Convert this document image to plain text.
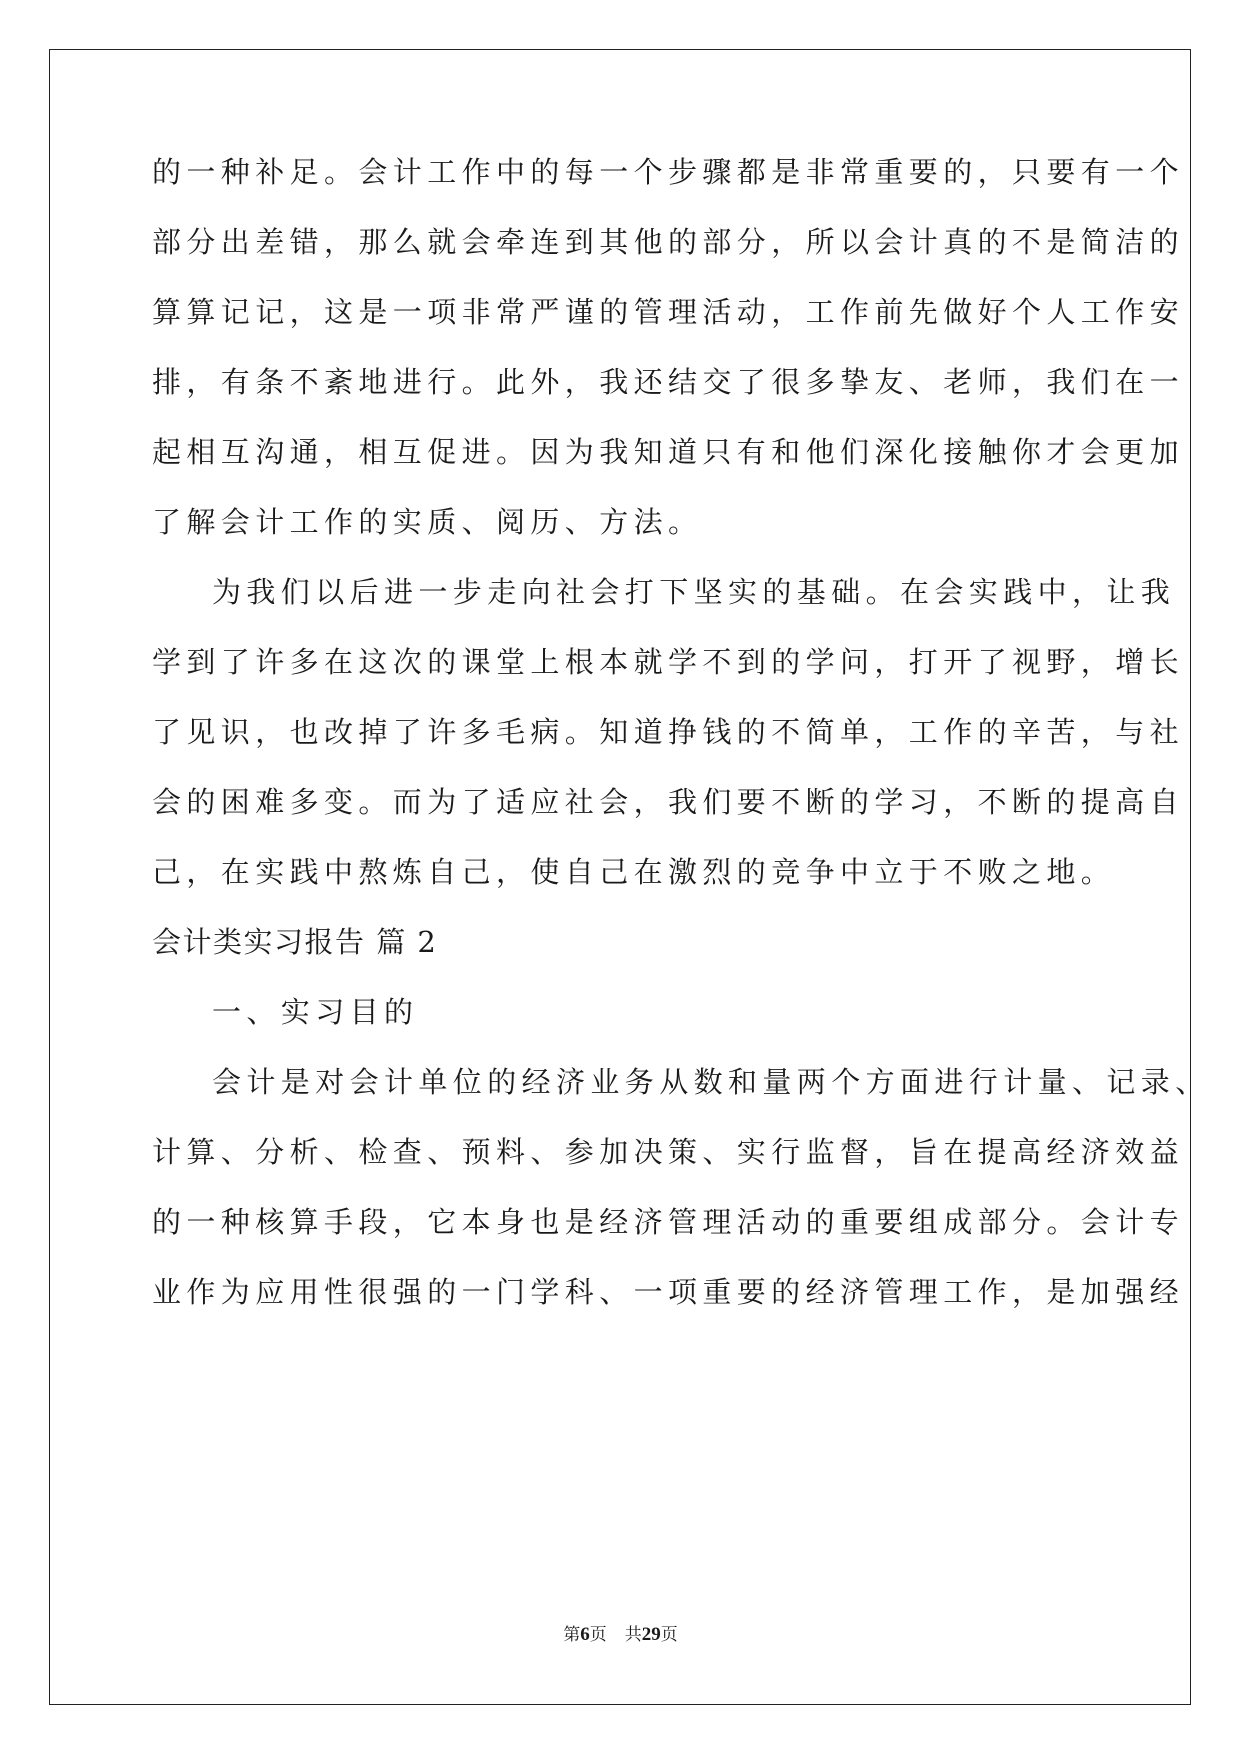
的一种补足。会计工作中的每一个步骤都是非常重要的，只要有一个
部分出差错，那么就会牵连到其他的部分，所以会计真的不是简洁的
算算记记，这是一项非常严谨的管理活动，工作前先做好个人工作安
排，有条不紊地进行。此外，我还结交了很多挚友、老师，我们在一
起相互沟通，相互促进。因为我知道只有和他们深化接触你才会更加
了解会计工作的实质、阅历、方法。
为我们以后进一步走向社会打下坚实的基础。在会实践中，让我
学到了许多在这次的课堂上根本就学不到的学问，打开了视野，增长
了见识，也改掉了许多毛病。知道挣钱的不简单，工作的辛苦，与社
会的困难多变。而为了适应社会，我们要不断的学习，不断的提高自
己，在实践中熬炼自己，使自己在激烈的竞争中立于不败之地。
会计类实习报告 篇 2
一、实习目的
会计是对会计单位的经济业务从数和量两个方面进行计量、记录、
计算、分析、检查、预料、参加决策、实行监督，旨在提高经济效益
的一种核算手段，它本身也是经济管理活动的重要组成部分。会计专
业作为应用性很强的一门学科、一项重要的经济管理工作，是加强经
第6页 共29页
